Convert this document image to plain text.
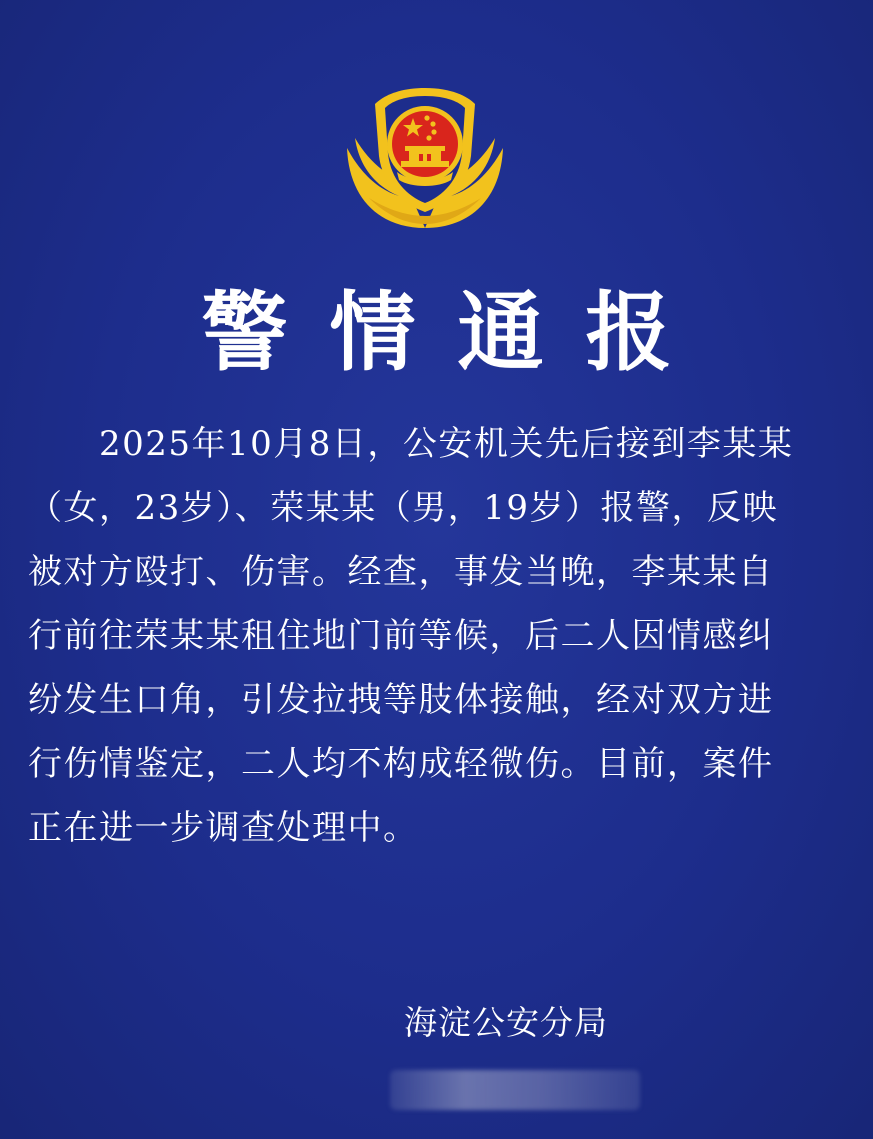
警情通报
　　2025年10月8日，公安机关先后接到李某某
（女，23岁）、荣某某（男，19岁）报警，反映
被对方殴打、伤害。经查，事发当晚，李某某自
行前往荣某某租住地门前等候，后二人因情感纠
纷发生口角，引发拉拽等肢体接触，经对双方进
行伤情鉴定，二人均不构成轻微伤。目前，案件
正在进一步调查处理中。
海淀公安分局
